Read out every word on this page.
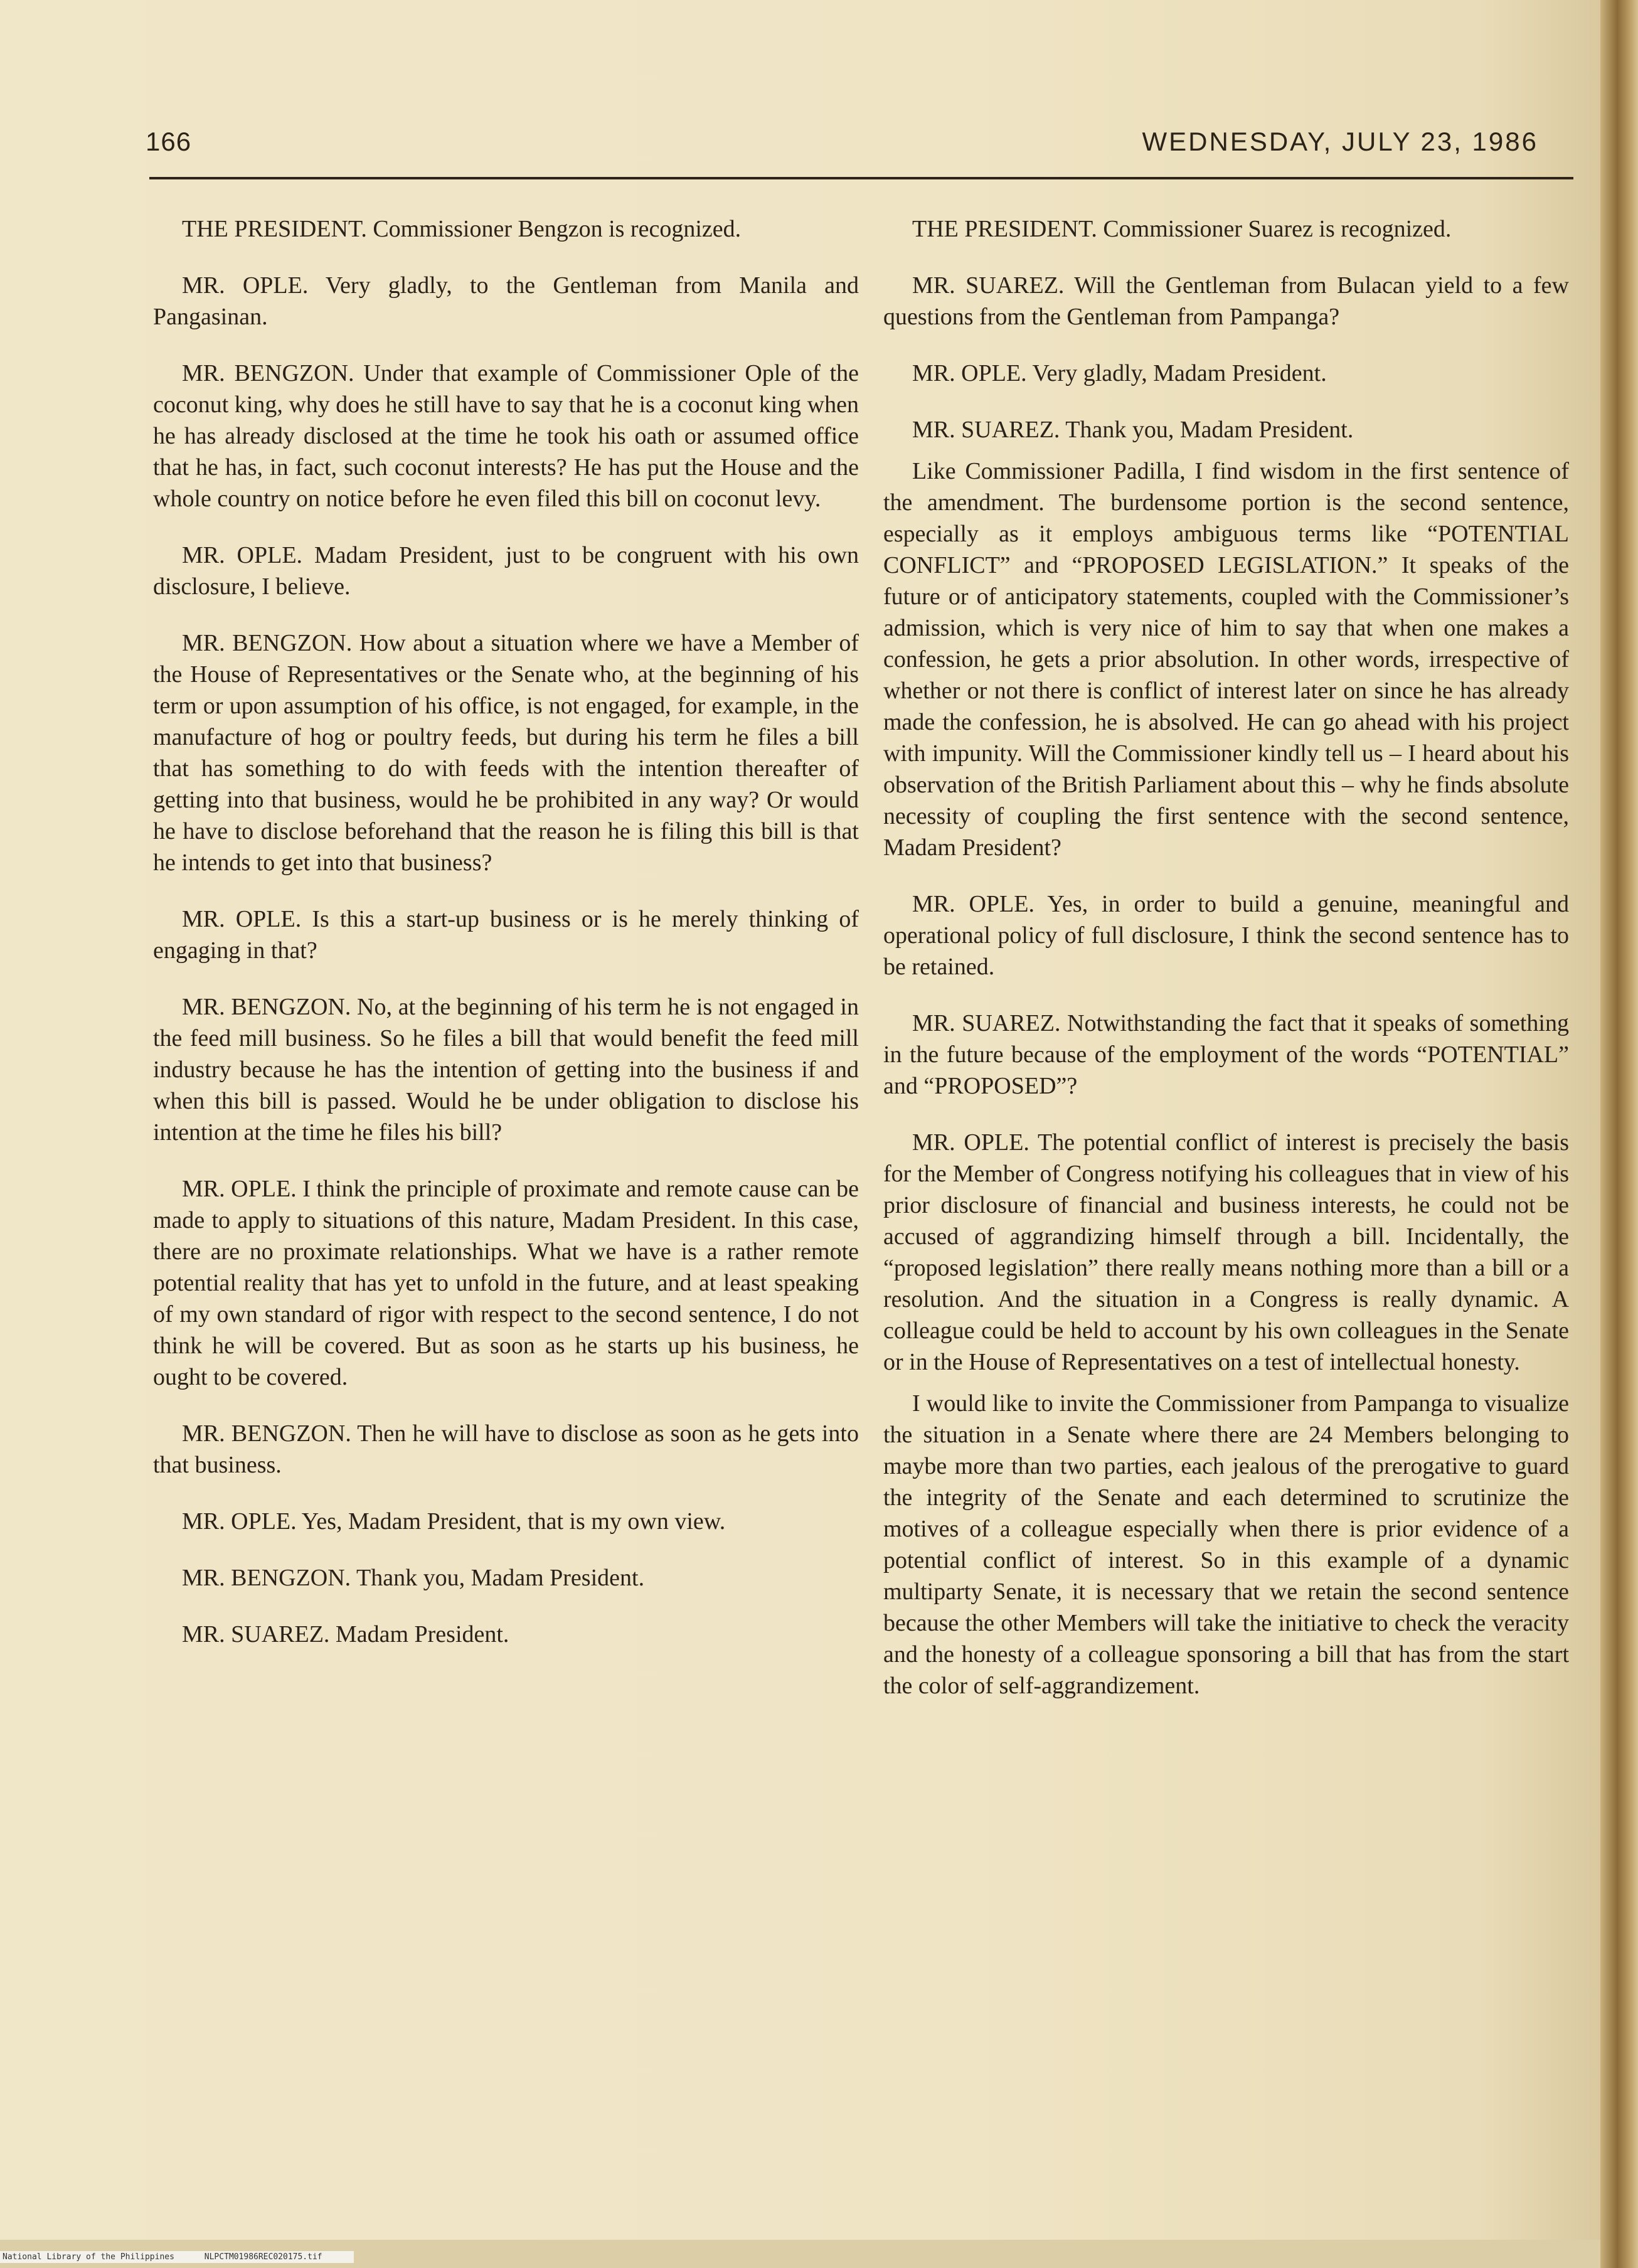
166	WEDNESDAY, JULY 23, 1986

THE PRESIDENT. Commissioner Bengzon is recognized.

MR. OPLE. Very gladly, to the Gentleman from Manila and Pangasinan.

MR. BENGZON. Under that example of Commissioner Ople of the coconut king, why does he still have to say that he is a coconut king when he has already disclosed at the time he took his oath or assumed office that he has, in fact, such coconut interests? He has put the House and the whole country on notice before he even filed this bill on coconut levy.

MR. OPLE. Madam President, just to be congruent with his own disclosure, I believe.

MR. BENGZON. How about a situation where we have a Member of the House of Representatives or the Senate who, at the beginning of his term or upon assumption of his office, is not engaged, for example, in the manufacture of hog or poultry feeds, but during his term he files a bill that has something to do with feeds with the intention thereafter of getting into that business, would he be prohibited in any way? Or would he have to disclose beforehand that the reason he is filing this bill is that he intends to get into that business?

MR. OPLE. Is this a start-up business or is he merely thinking of engaging in that?

MR. BENGZON. No, at the beginning of his term he is not engaged in the feed mill business. So he files a bill that would benefit the feed mill industry because he has the intention of getting into the business if and when this bill is passed. Would he be under obligation to disclose his intention at the time he files his bill?

MR. OPLE. I think the principle of proximate and remote cause can be made to apply to situations of this nature, Madam President. In this case, there are no proximate relationships. What we have is a rather remote potential reality that has yet to unfold in the future, and at least speaking of my own standard of rigor with respect to the second sentence, I do not think he will be covered. But as soon as he starts up his business, he ought to be covered.

MR. BENGZON. Then he will have to disclose as soon as he gets into that business.

MR. OPLE. Yes, Madam President, that is my own view.

MR. BENGZON. Thank you, Madam President.

MR. SUAREZ. Madam President.

THE PRESIDENT. Commissioner Suarez is recognized.

MR. SUAREZ. Will the Gentleman from Bulacan yield to a few questions from the Gentleman from Pampanga?

MR. OPLE. Very gladly, Madam President.

MR. SUAREZ. Thank you, Madam President.

Like Commissioner Padilla, I find wisdom in the first sentence of the amendment. The burdensome portion is the second sentence, especially as it employs ambiguous terms like “POTENTIAL CONFLICT” and “PROPOSED LEGISLATION.” It speaks of the future or of anticipatory statements, coupled with the Commissioner’s admission, which is very nice of him to say that when one makes a confession, he gets a prior absolution. In other words, irrespective of whether or not there is conflict of interest later on since he has already made the confession, he is absolved. He can go ahead with his project with impunity. Will the Commissioner kindly tell us – I heard about his observation of the British Parliament about this – why he finds absolute necessity of coupling the first sentence with the second sentence, Madam President?

MR. OPLE. Yes, in order to build a genuine, meaningful and operational policy of full disclosure, I think the second sentence has to be retained.

MR. SUAREZ. Notwithstanding the fact that it speaks of something in the future because of the employment of the words “POTENTIAL” and “PROPOSED”?

MR. OPLE. The potential conflict of interest is precisely the basis for the Member of Congress notifying his colleagues that in view of his prior disclosure of financial and business interests, he could not be accused of aggrandizing himself through a bill. Incidentally, the “proposed legislation” there really means nothing more than a bill or a resolution. And the situation in a Congress is really dynamic. A colleague could be held to account by his own colleagues in the Senate or in the House of Representatives on a test of intellectual honesty.

I would like to invite the Commissioner from Pampanga to visualize the situation in a Senate where there are 24 Members belonging to maybe more than two parties, each jealous of the prerogative to guard the integrity of the Senate and each determined to scrutinize the motives of a colleague especially when there is prior evidence of a potential conflict of interest. So in this example of a dynamic multiparty Senate, it is necessary that we retain the second sentence because the other Members will take the initiative to check the veracity and the honesty of a colleague sponsoring a bill that has from the start the color of self-aggrandizement.

National Library of the Philippines	NLPCTM01986REC020175.tif
